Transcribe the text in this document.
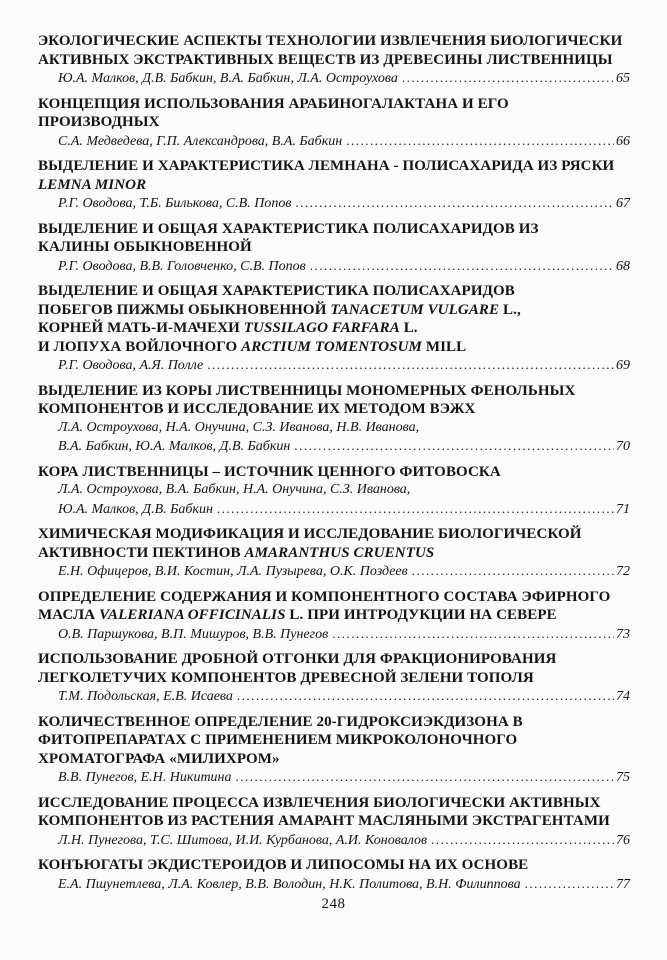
ЭКОЛОГИЧЕСКИЕ АСПЕКТЫ ТЕХНОЛОГИИ ИЗВЛЕЧЕНИЯ БИОЛОГИЧЕСКИ
АКТИВНЫХ ЭКСТРАКТИВНЫХ ВЕЩЕСТВ ИЗ ДРЕВЕСИНЫ ЛИСТВЕННИЦЫ
Ю.А. Малков, Д.В. Бабкин, В.А. Бабкин, Л.А. Остроухова .....	65
КОНЦЕПЦИЯ ИСПОЛЬЗОВАНИЯ АРАБИНОГАЛАКТАНА И ЕГО
ПРОИЗВОДНЫХ
С.А. Медведева, Г.П. Александрова, В.А. Бабкин .....	66
ВЫДЕЛЕНИЕ И ХАРАКТЕРИСТИКА ЛЕМНАНА - ПОЛИСАХАРИДА ИЗ РЯСКИ
LEMNA MINOR
Р.Г. Оводова, Т.Б. Билькова, С.В. Попов .....	67
ВЫДЕЛЕНИЕ И ОБЩАЯ ХАРАКТЕРИСТИКА ПОЛИСАХАРИДОВ ИЗ
КАЛИНЫ ОБЫКНОВЕННОЙ
Р.Г. Оводова, В.В. Головченко, С.В. Попов .....	68
ВЫДЕЛЕНИЕ И ОБЩАЯ ХАРАКТЕРИСТИКА ПОЛИСАХАРИДОВ
ПОБЕГОВ ПИЖМЫ ОБЫКНОВЕННОЙ TANACETUM VULGARE L.,
КОРНЕЙ МАТЬ-И-МАЧЕХИ TUSSILAGO FARFARA L.
И ЛОПУХА ВОЙЛОЧНОГО ARCTIUM TOMENTOSUM MILL
Р.Г. Оводова, А.Я. Полле .....	69
ВЫДЕЛЕНИЕ ИЗ КОРЫ ЛИСТВЕННИЦЫ МОНОМЕРНЫХ ФЕНОЛЬНЫХ
КОМПОНЕНТОВ И ИССЛЕДОВАНИЕ ИХ МЕТОДОМ ВЭЖХ
Л.А. Остроухова, Н.А. Онучина, С.З. Иванова, Н.В. Иванова,
В.А. Бабкин, Ю.А. Малков, Д.В. Бабкин .....	70
КОРА ЛИСТВЕННИЦЫ – ИСТОЧНИК ЦЕННОГО ФИТОВОСКА
Л.А. Остроухова, В.А. Бабкин, Н.А. Онучина, С.З. Иванова,
Ю.А. Малков, Д.В. Бабкин .....	71
ХИМИЧЕСКАЯ МОДИФИКАЦИЯ И ИССЛЕДОВАНИЕ БИОЛОГИЧЕСКОЙ
АКТИВНОСТИ ПЕКТИНОВ AMARANTHUS CRUENTUS
Е.Н. Офицеров, В.И. Костин, Л.А. Пузырева, О.К. Поздеев .....	72
ОПРЕДЕЛЕНИЕ СОДЕРЖАНИЯ И КОМПОНЕНТНОГО СОСТАВА ЭФИРНОГО
МАСЛА VALERIANA OFFICINALIS L. ПРИ ИНТРОДУКЦИИ НА СЕВЕРЕ
О.В. Паршукова, В.П. Мишуров, В.В. Пунегов .....	73
ИСПОЛЬЗОВАНИЕ ДРОБНОЙ ОТГОНКИ ДЛЯ ФРАКЦИОНИРОВАНИЯ
ЛЕГКОЛЕТУЧИХ КОМПОНЕНТОВ ДРЕВЕСНОЙ ЗЕЛЕНИ ТОПОЛЯ
Т.М. Подольская, Е.В. Исаева .....	74
КОЛИЧЕСТВЕННОЕ ОПРЕДЕЛЕНИЕ 20-ГИДРОКСИЭКДИЗОНА В
ФИТОПРЕПАРАТАХ С ПРИМЕНЕНИЕМ МИКРОКОЛОНОЧНОГО
ХРОМАТОГРАФА «МИЛИХРОМ»
В.В. Пунегов, Е.Н. Никитина .....	75
ИССЛЕДОВАНИЕ ПРОЦЕССА ИЗВЛЕЧЕНИЯ БИОЛОГИЧЕСКИ АКТИВНЫХ
КОМПОНЕНТОВ ИЗ РАСТЕНИЯ АМАРАНТ МАСЛЯНЫМИ ЭКСТРАГЕНТАМИ
Л.Н. Пунегова, Т.С. Шитова, И.И. Курбанова, А.И. Коновалов .....	76
КОНЪЮГАТЫ ЭКДИСТЕРОИДОВ И ЛИПОСОМЫ НА ИХ ОСНОВЕ
Е.А. Пшунетлева, Л.А. Ковлер, В.В. Володин, Н.К. Политова, В.Н. Филиппова .....	77
248
